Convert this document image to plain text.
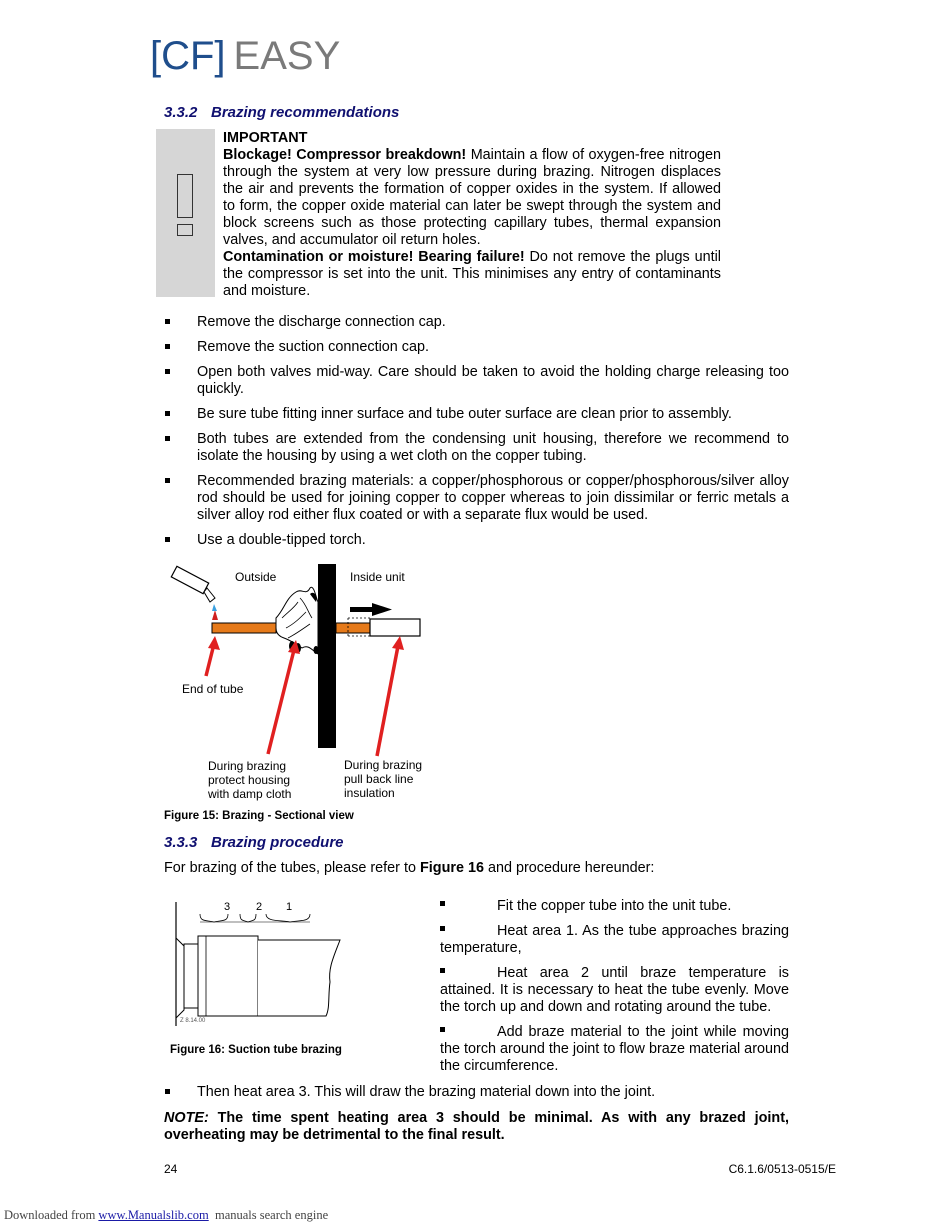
[CF] EASY
3.3.2 Brazing recommendations
IMPORTANT
Blockage! Compressor breakdown! Maintain a flow of oxygen-free nitrogen through the system at very low pressure during brazing. Nitrogen displaces the air and prevents the formation of copper oxides in the system. If allowed to form, the copper oxide material can later be swept through the system and block screens such as those protecting capillary tubes, thermal expansion valves, and accumulator oil return holes.
Contamination or moisture! Bearing failure! Do not remove the plugs until the compressor is set into the unit. This minimises any entry of contaminants and moisture.
Remove the discharge connection cap.
Remove the suction connection cap.
Open both valves mid-way. Care should be taken to avoid the holding charge releasing too quickly.
Be sure tube fitting inner surface and tube outer surface are clean prior to assembly.
Both tubes are extended from the condensing unit housing, therefore we recommend to isolate the housing by using a wet cloth on the copper tubing.
Recommended brazing materials: a copper/phosphorous or copper/phosphorous/silver alloy rod should be used for joining copper to copper whereas to join dissimilar or ferric metals a silver alloy rod either flux coated or with a separate flux would be used.
Use a double-tipped torch.
Outside	Inside unit
End of tube
During brazing
protect housing
with damp cloth
During brazing
pull back line
insulation
Figure 15: Brazing - Sectional view
3.3.3 Brazing procedure
For brazing of the tubes, please refer to Figure 16 and procedure hereunder:
3 2 1
Z 8.14.00
Figure 16: Suction tube brazing
Fit the copper tube into the unit tube.
Heat area 1. As the tube approaches brazing temperature,
Heat area 2 until braze temperature is attained. It is necessary to heat the tube evenly. Move the torch up and down and rotating around the tube.
Add braze material to the joint while moving the torch around the joint to flow braze material around the circumference.
Then heat area 3. This will draw the brazing material down into the joint.
NOTE: The time spent heating area 3 should be minimal. As with any brazed joint, overheating may be detrimental to the final result.
24	C6.1.6/0513-0515/E
Downloaded from www.Manualslib.com  manuals search engine
